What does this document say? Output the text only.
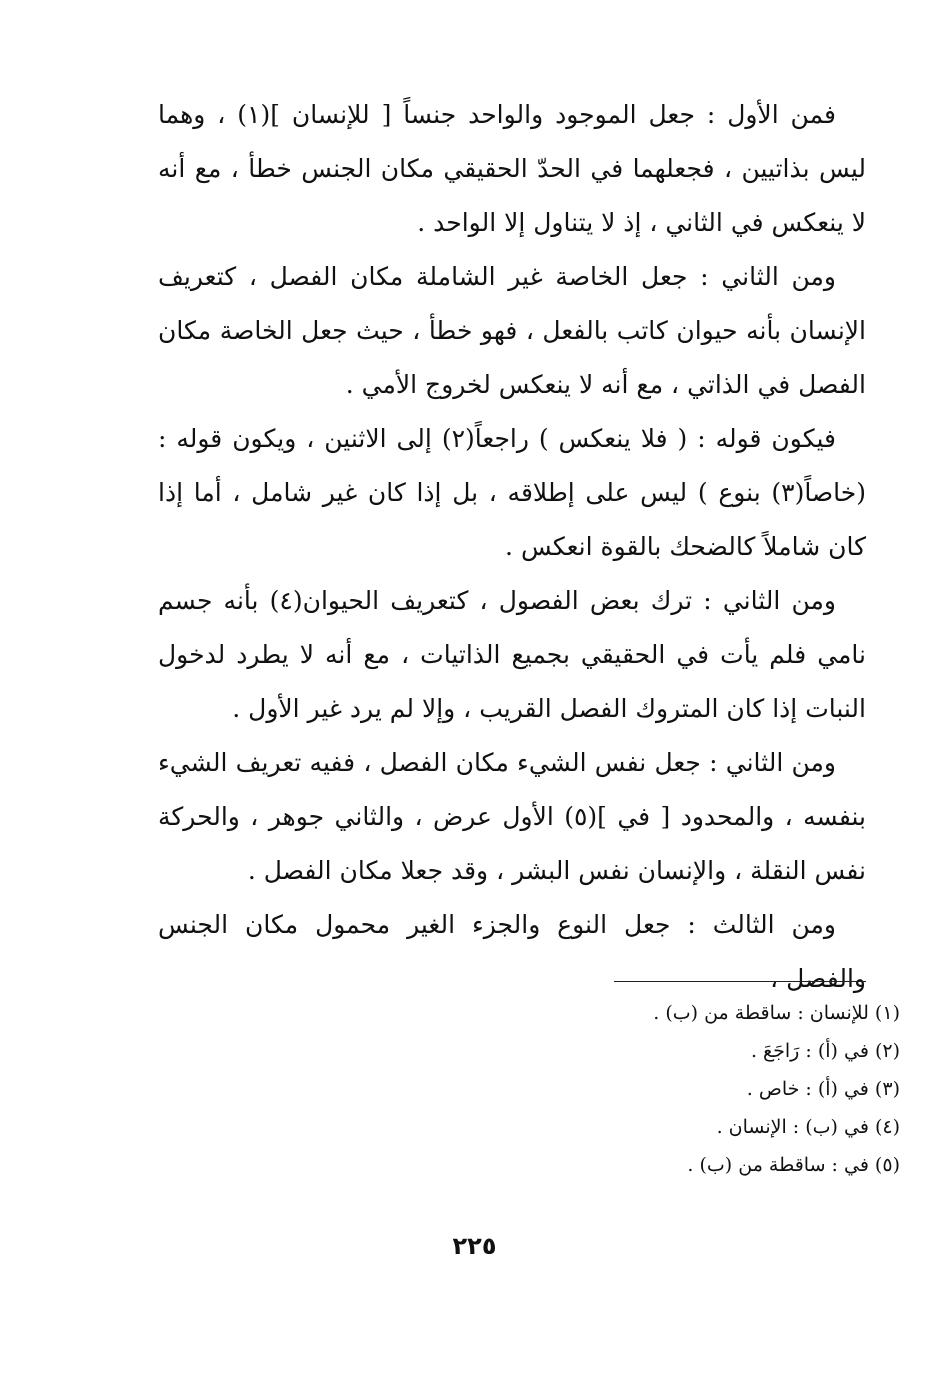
فمن الأول : جعل الموجود والواحد جنساً [ للإنسان ](١) ، وهما ليس بذاتيين ، فجعلهما في الحدّ الحقيقي مكان الجنس خطأ ، مع أنه لا ينعكس في الثاني ، إذ لا يتناول إلا الواحد .

ومن الثاني : جعل الخاصة غير الشاملة مكان الفصل ، كتعريف الإنسان بأنه حيوان كاتب بالفعل ، فهو خطأ ، حيث جعل الخاصة مكان الفصل في الذاتي ، مع أنه لا ينعكس لخروج الأمي .

فيكون قوله : ( فلا ينعكس ) راجعاً(٢) إلى الاثنين ، ويكون قوله : (خاصاً(٣) بنوع ) ليس على إطلاقه ، بل إذا كان غير شامل ، أما إذا كان شاملاً كالضحك بالقوة انعكس .

ومن الثاني : ترك بعض الفصول ، كتعريف الحيوان(٤) بأنه جسم نامي فلم يأت في الحقيقي بجميع الذاتيات ، مع أنه لا يطرد لدخول النبات إذا كان المتروك الفصل القريب ، وإلا لم يرد غير الأول .

ومن الثاني : جعل نفس الشيء مكان الفصل ، ففيه تعريف الشيء بنفسه ، والمحدود [ في ](٥) الأول عرض ، والثاني جوهر ، والحركة نفس النقلة ، والإنسان نفس البشر ، وقد جعلا مكان الفصل .

ومن الثالث : جعل النوع والجزء الغير محمول مكان الجنس والفصل ،

(١) للإنسان : ساقطة من (ب) .

(٢) في (أ) : رَاجَعَ .

(٣) في (أ) : خاص .

(٤) في (ب) : الإنسان .

(٥) في : ساقطة من (ب) .

٢٢٥
